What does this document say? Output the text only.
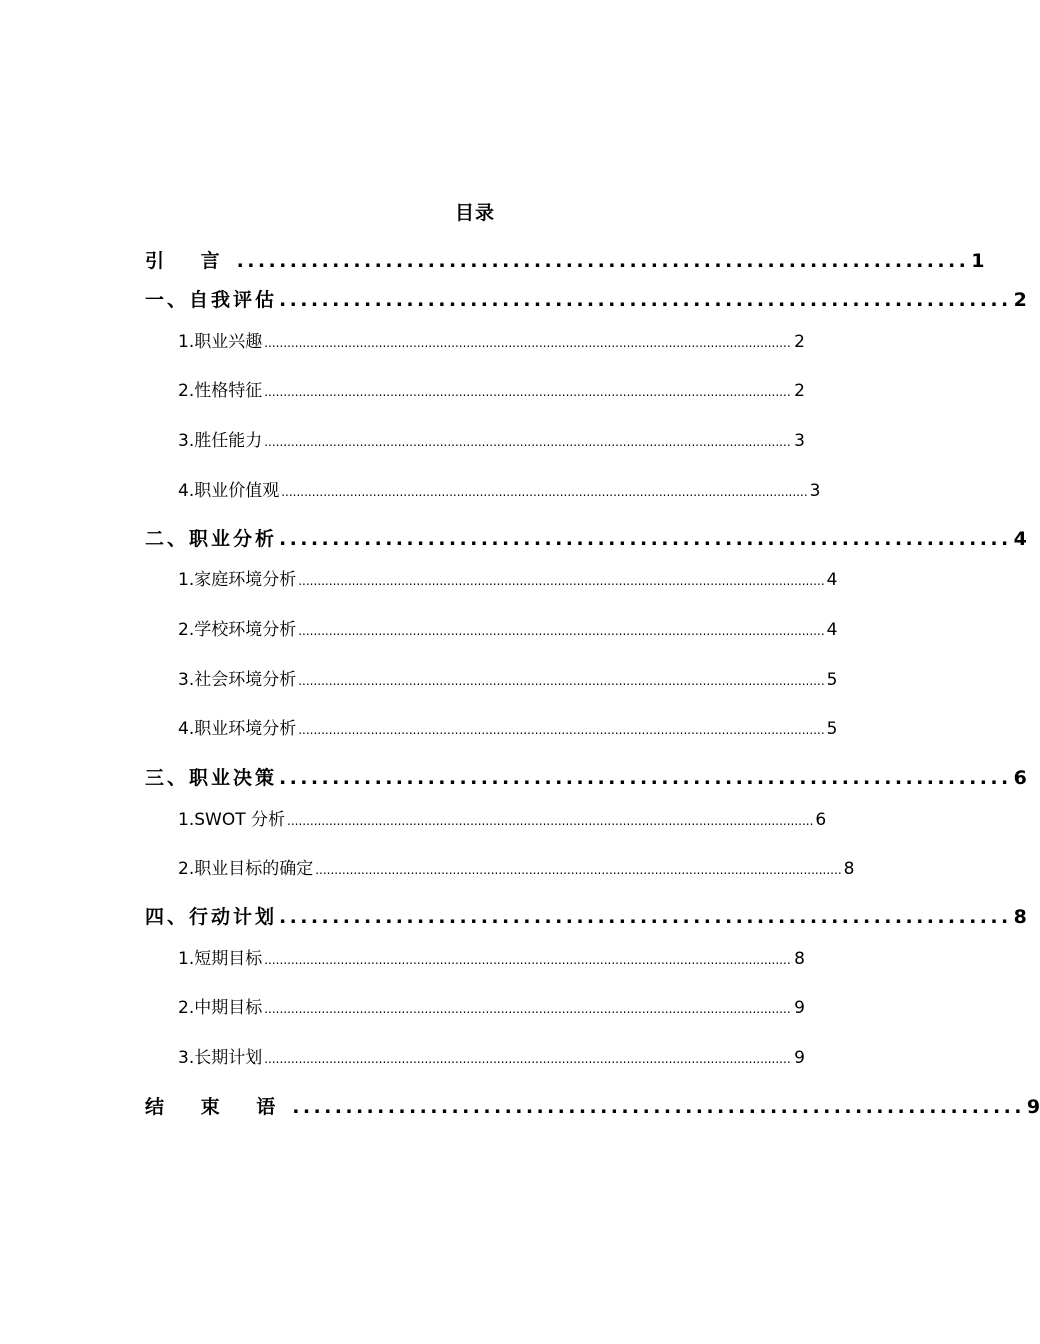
目录
引 言 ..................................................................... 1
一、自我评估 ..................................................................... 2
1.职业兴趣 .......................................................................................................................................... 2
2.性格特征 .......................................................................................................................................... 2
3.胜任能力 .......................................................................................................................................... 3
4.职业价值观 .......................................................................................................................................... 3
二、职业分析 ..................................................................... 4
1.家庭环境分析 .......................................................................................................................................... 4
2.学校环境分析 .......................................................................................................................................... 4
3.社会环境分析 .......................................................................................................................................... 5
4.职业环境分析 .......................................................................................................................................... 5
三、职业决策 ..................................................................... 6
1.SWOT 分析 .......................................................................................................................................... 6
2.职业目标的确定 .......................................................................................................................................... 8
四、行动计划 ..................................................................... 8
1.短期目标 .......................................................................................................................................... 8
2.中期目标 .......................................................................................................................................... 9
3.长期计划 .......................................................................................................................................... 9
结 束 语 ..................................................................... 9
